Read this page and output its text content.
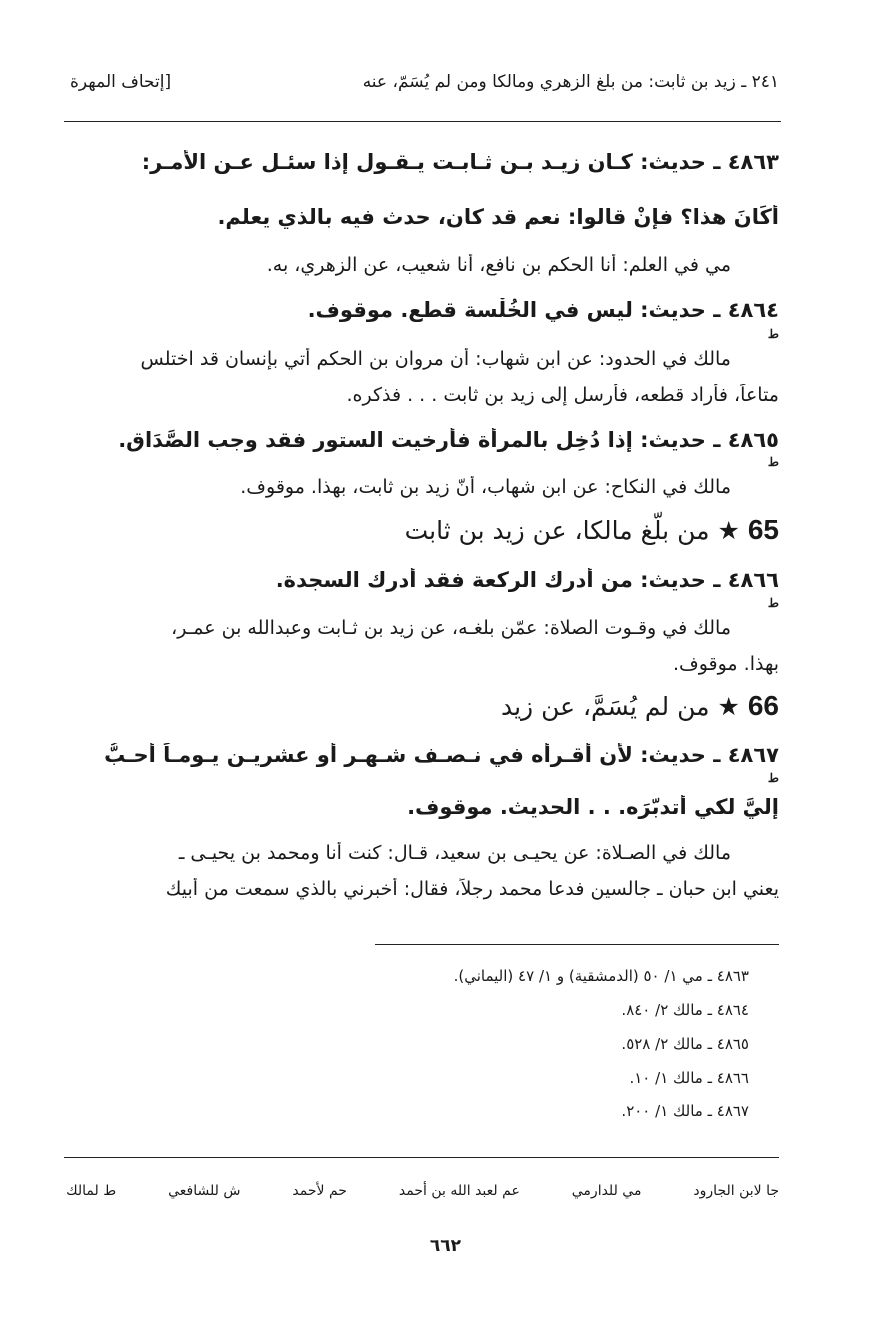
[إتحاف المهرة	٢٤١ ـ زيد بن ثابت: من بلغ الزهري ومالكا ومن لم يُسَمّ، عنه
٤٨٦٣ ـ حديث: كـان زيـد بـن ثـابـت يـقـول إذا سئـل عـن الأمـر:
أَكَانَ هذا؟ فإنْ قالوا: نعم قد كان، حدث فيه بالذي يعلم.
مي في العلم: أنا الحكم بن نافع، أنا شعيب، عن الزهري، به.
٤٨٦٤ ـ حديث: ليس في الخُلْسة قطع. موقوف.
ط
مالك في الحدود: عن ابن شهاب: أن مروان بن الحكم أُتي بإنسان قد اختلس
متاعاً، فأراد قطعه، فأرسل إلى زيد بن ثابت . . . فذكره.
٤٨٦٥ ـ حديث: إذا دُخِل بالمرأة فأُرخيت الستور فقد وجب الصَّدَاق.
ط
مالك في النكاح: عن ابن شهاب، أنّ زيد بن ثابت، بهذا. موقوف.
65 ★ من بلّغ مالكا، عن زيد بن ثابت
٤٨٦٦ ـ حديث: من أدرك الركعة فقد أدرك السجدة.
ط
مالك في وقـوت الصلاة: عمّن بلغـه، عن زيد بن ثـابت وعبدالله بن عمـر،
بهذا. موقوف.
66 ★ من لم يُسَمَّ، عن زيد
٤٨٦٧ ـ حديث: لأن أقـرأه في نـصـف شـهـر أو عشريـن يـومـاً أحـبُّ
ط
إليَّ لكي أتدبّرَه. . . الحديث. موقوف.
مالك في الصـلاة: عن يحيـى بن سعيد، قـال: كنت أنا ومحمد بن يحيـى ـ
يعني ابن حبان ـ جالسين فدعا محمد رجلاً، فقال: أخبرني بالذي سمعت من أبيك
٤٨٦٣ ـ مي ١/ ٥٠ (الدمشقية) و ١/ ٤٧ (اليماني).
٤٨٦٤ ـ مالك ٢/ ٨٤٠.
٤٨٦٥ ـ مالك ٢/ ٥٢٨.
٤٨٦٦ ـ مالك ١/ ١٠.
٤٨٦٧ ـ مالك ١/ ٢٠٠.
ط لمالك	ش للشافعي	حم لأحمد	عم لعبد الله بن أحمد	مي للدارمي	جا لابن الجارود
٦٦٢
